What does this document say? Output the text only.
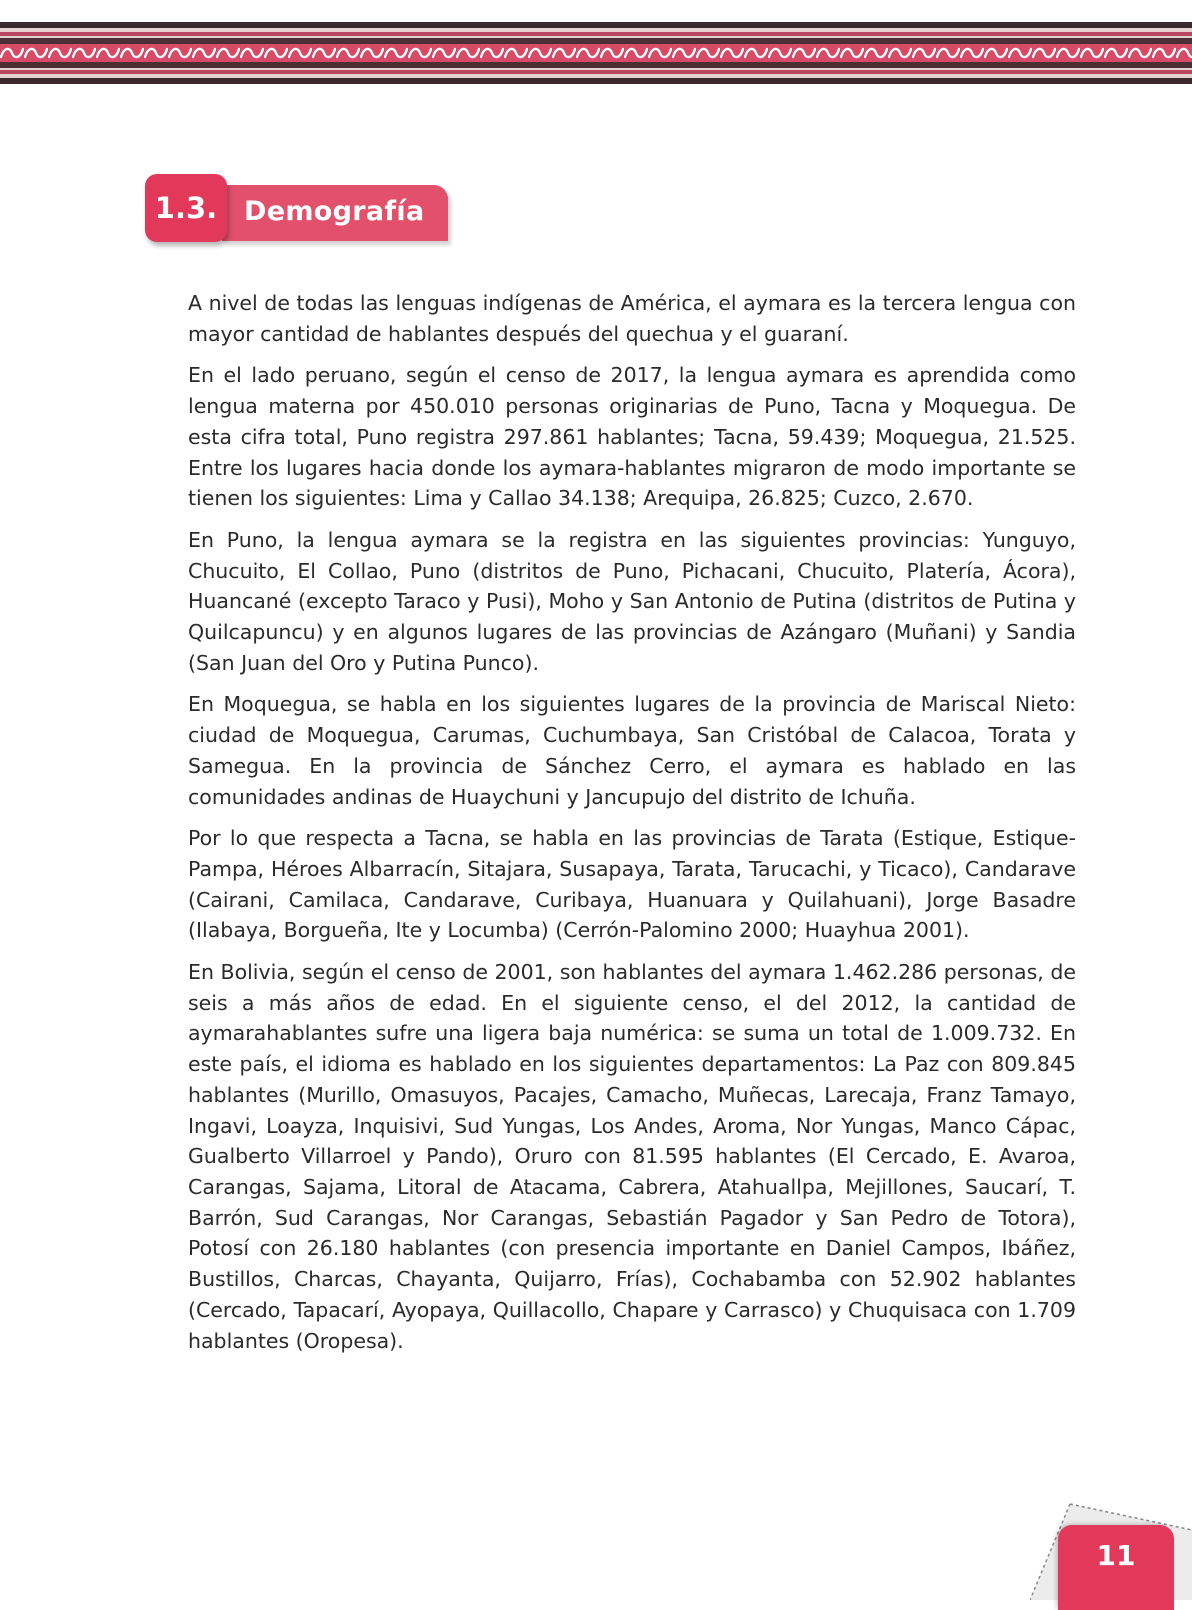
Demografía
1.3.

A nivel de todas las lenguas indígenas de América, el aymara es la tercera lengua con mayor cantidad de hablantes después del quechua y el guaraní.

En el lado peruano, según el censo de 2017, la lengua aymara es aprendida como lengua materna por 450.010 personas originarias de Puno, Tacna y Moquegua. De esta cifra total, Puno registra 297.861 hablantes; Tacna, 59.439; Moquegua, 21.525. Entre los lugares hacia donde los aymara-hablantes migraron de modo importante se tienen los siguientes: Lima y Callao 34.138; Arequipa, 26.825; Cuzco, 2.670.

En Puno, la lengua aymara se la registra en las siguientes provincias: Yunguyo, Chucuito, El Collao, Puno (distritos de Puno, Pichacani, Chucuito, Platería, Ácora), Huancané (excepto Taraco y Pusi), Moho y San Antonio de Putina (distritos de Putina y Quilcapuncu) y en algunos lugares de las provincias de Azángaro (Muñani) y Sandia (San Juan del Oro y Putina Punco).

En Moquegua, se habla en los siguientes lugares de la provincia de Mariscal Nieto: ciudad de Moquegua, Carumas, Cuchumbaya, San Cristóbal de Calacoa, Torata y Samegua. En la provincia de Sánchez Cerro, el aymara es hablado en las comunidades andinas de Huaychuni y Jancupujo del distrito de Ichuña.

Por lo que respecta a Tacna, se habla en las provincias de Tarata (Estique, Estique-Pampa, Héroes Albarracín, Sitajara, Susapaya, Tarata, Tarucachi, y Ticaco), Candarave (Cairani, Camilaca, Candarave, Curibaya, Huanuara y Quilahuani), Jorge Basadre (Ilabaya, Borgueña, Ite y Locumba) (Cerrón-Palomino 2000; Huayhua 2001).

En Bolivia, según el censo de 2001, son hablantes del aymara 1.462.286 personas, de seis a más años de edad. En el siguiente censo, el del 2012, la cantidad de aymarahablantes sufre una ligera baja numérica: se suma un total de 1.009.732. En este país, el idioma es hablado en los siguientes departamentos: La Paz con 809.845 hablantes (Murillo, Omasuyos, Pacajes, Camacho, Muñecas, Larecaja, Franz Tamayo, Ingavi, Loayza, Inquisivi, Sud Yungas, Los Andes, Aroma, Nor Yungas, Manco Cápac, Gualberto Villarroel y Pando), Oruro con 81.595 hablantes (El Cercado, E. Avaroa, Carangas, Sajama, Litoral de Atacama, Cabrera, Atahuallpa, Mejillones, Saucarí, T. Barrón, Sud Carangas, Nor Carangas, Sebastián Pagador y San Pedro de Totora), Potosí con 26.180 hablantes (con presencia importante en Daniel Campos, Ibáñez, Bustillos, Charcas, Chayanta, Quijarro, Frías), Cochabamba con 52.902 hablantes (Cercado, Tapacarí, Ayopaya, Quillacollo, Chapare y Carrasco) y Chuquisaca con 1.709 hablantes (Oropesa).

11
